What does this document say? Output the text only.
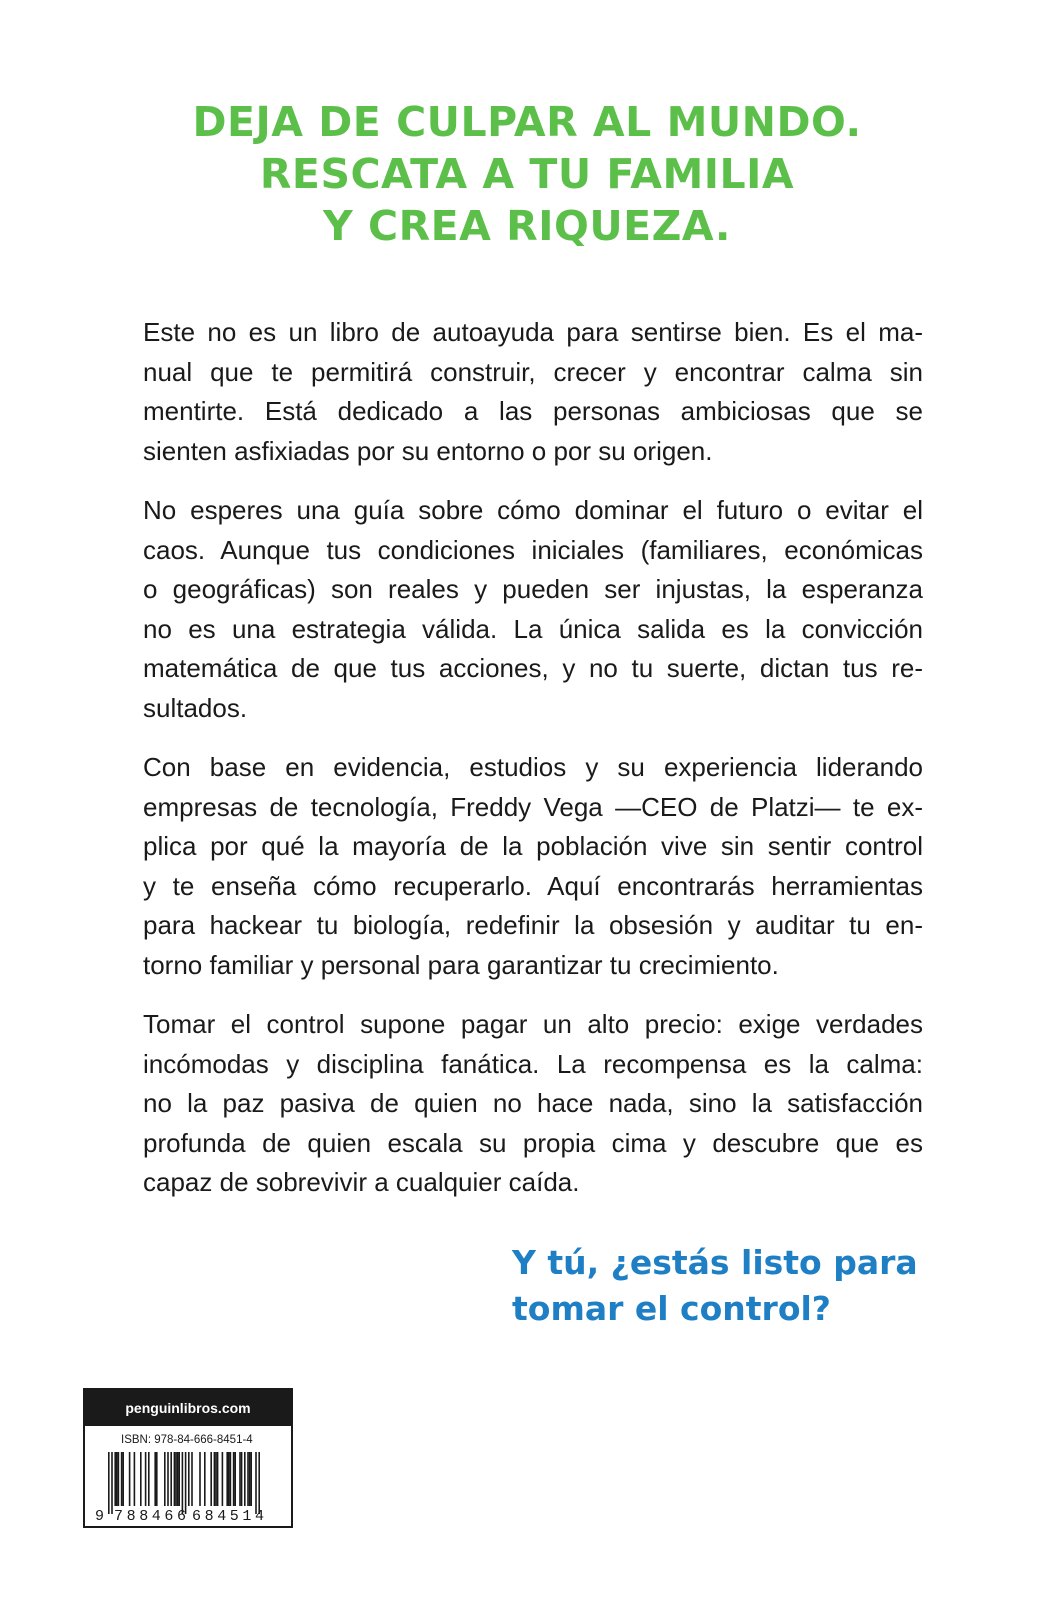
DEJA DE CULPAR AL MUNDO.
RESCATA A TU FAMILIA
Y CREA RIQUEZA.
Este no es un libro de autoayuda para sentirse bien. Es el ma-
nual que te permitirá construir, crecer y encontrar calma sin
mentirte. Está dedicado a las personas ambiciosas que se
sienten asfixiadas por su entorno o por su origen.
No esperes una guía sobre cómo dominar el futuro o evitar el
caos. Aunque tus condiciones iniciales (familiares, económicas
o geográficas) son reales y pueden ser injustas, la esperanza
no es una estrategia válida. La única salida es la convicción
matemática de que tus acciones, y no tu suerte, dictan tus re-
sultados.
Con base en evidencia, estudios y su experiencia liderando
empresas de tecnología, Freddy Vega —CEO de Platzi— te ex-
plica por qué la mayoría de la población vive sin sentir control
y te enseña cómo recuperarlo. Aquí encontrarás herramientas
para hackear tu biología, redefinir la obsesión y auditar tu en-
torno familiar y personal para garantizar tu crecimiento.
Tomar el control supone pagar un alto precio: exige verdades
incómodas y disciplina fanática. La recompensa es la calma:
no la paz pasiva de quien no hace nada, sino la satisfacción
profunda de quien escala su propia cima y descubre que es
capaz de sobrevivir a cualquier caída.
Y tú, ¿estás listo para
tomar el control?
penguinlibros.com
ISBN: 978-84-666-8451-4
9 788466 684514
